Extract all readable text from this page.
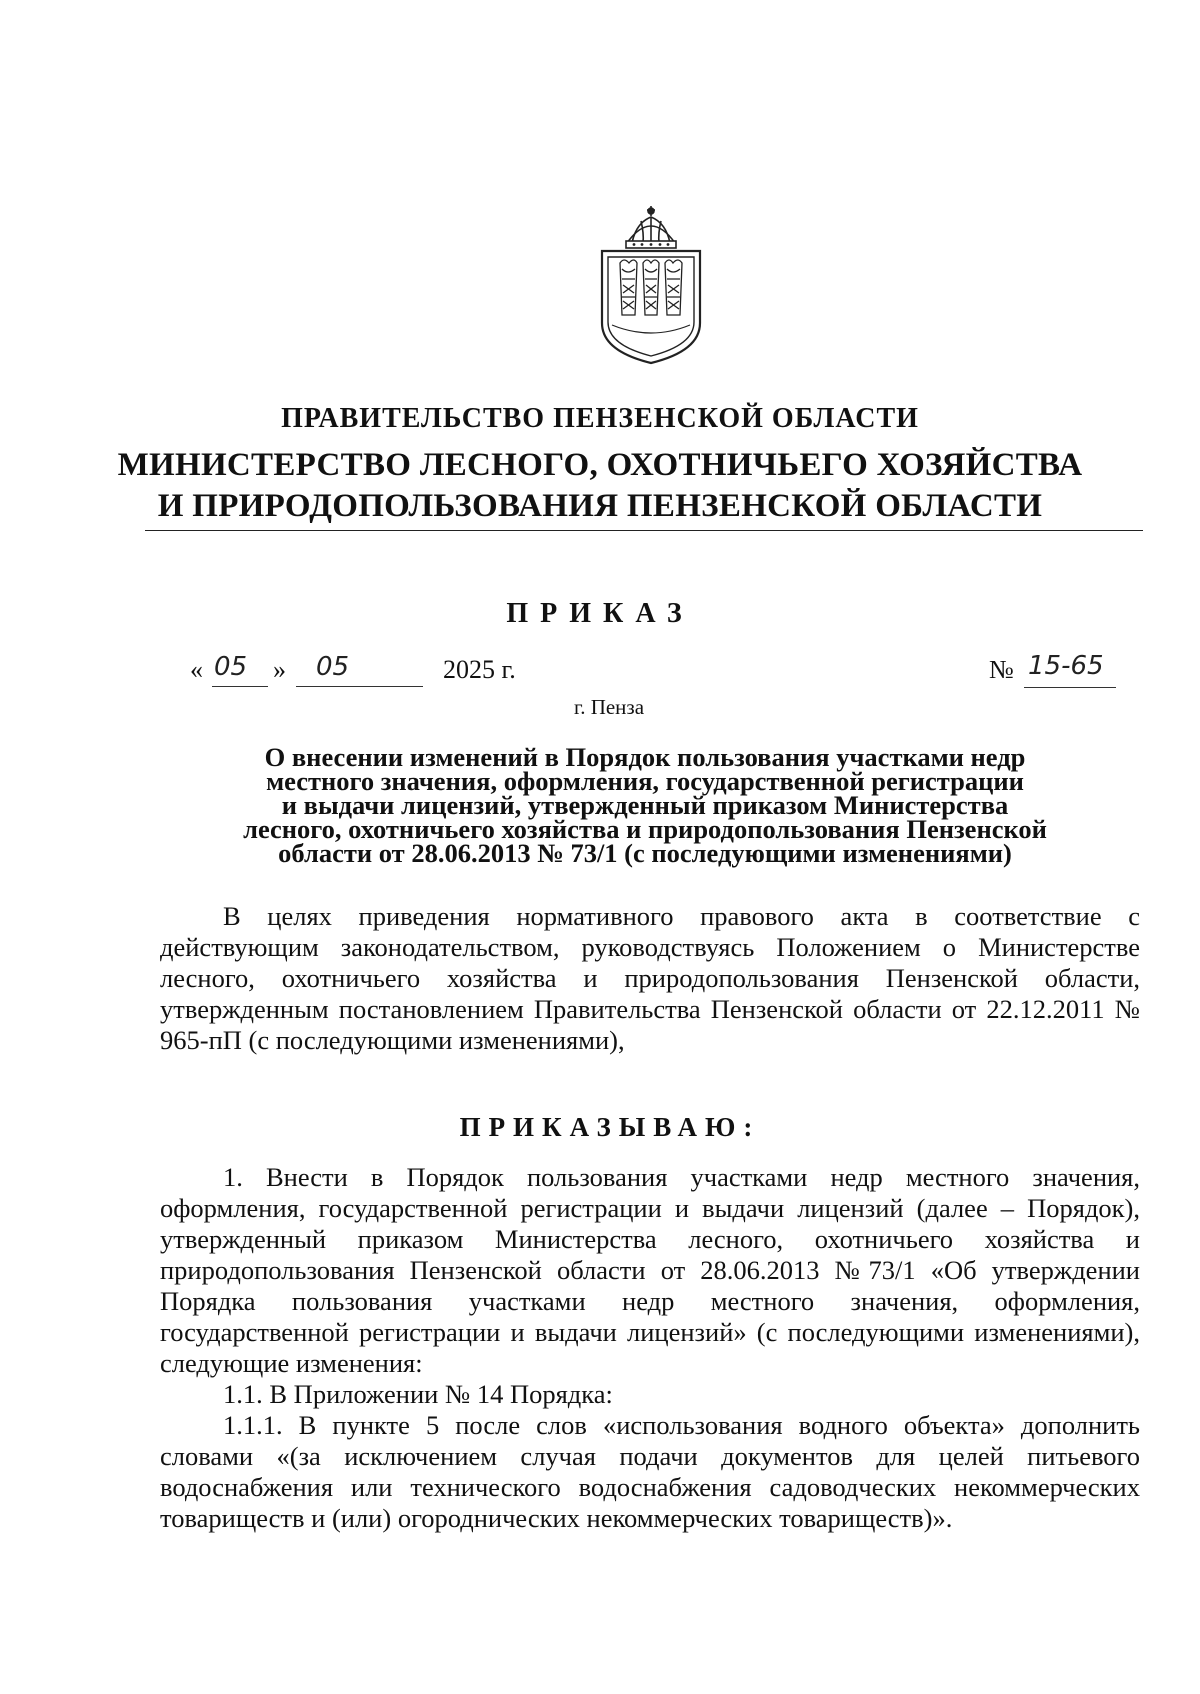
ПРАВИТЕЛЬСТВО ПЕНЗЕНСКОЙ ОБЛАСТИ
МИНИСТЕРСТВО ЛЕСНОГО, ОХОТНИЧЬЕГО ХОЗЯЙСТВА
И ПРИРОДОПОЛЬЗОВАНИЯ ПЕНЗЕНСКОЙ ОБЛАСТИ
ПРИКАЗ
« 05 » 05	2025 г.	№ 15-65
г. Пенза
О внесении изменений в Порядок пользования участками недр
местного значения, оформления, государственной регистрации
и выдачи лицензий, утвержденный приказом Министерства
лесного, охотничьего хозяйства и природопользования Пензенской
области от 28.06.2013 № 73/1 (с последующими изменениями)

В целях приведения нормативного правового акта в соответствие с действующим законодательством, руководствуясь Положением о Министерстве лесного, охотничьего хозяйства и природопользования Пензенской области, утвержденным постановлением Правительства Пензенской области от 22.12.2011 № 965-пП (с последующими изменениями),

ПРИКАЗЫВАЮ:

1. Внести в Порядок пользования участками недр местного значения, оформления, государственной регистрации и выдачи лицензий (далее – Порядок), утвержденный приказом Министерства лесного, охотничьего хозяйства и природопользования Пензенской области от 28.06.2013 №73/1 «Об утверждении Порядка пользования участками недр местного значения, оформления, государственной регистрации и выдачи лицензий» (с последующими изменениями), следующие изменения:

1.1. В Приложении № 14 Порядка:

1.1.1. В пункте 5 после слов «использования водного объекта» дополнить словами «(за исключением случая подачи документов для целей питьевого водоснабжения или технического водоснабжения садоводческих некоммерческих товариществ и (или) огороднических некоммерческих товариществ)».
